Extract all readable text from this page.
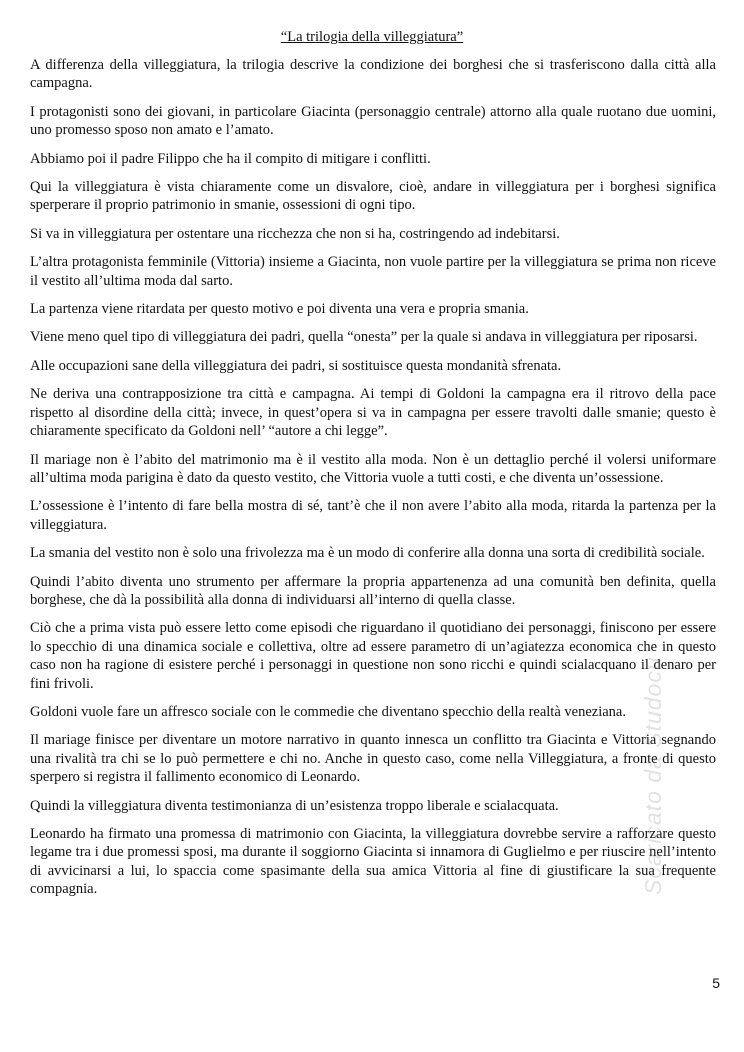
“La trilogia della villeggiatura”

A differenza della villeggiatura, la trilogia descrive la condizione dei borghesi che si trasferiscono dalla città alla campagna.

I protagonisti sono dei giovani, in particolare Giacinta (personaggio centrale) attorno alla quale ruotano due uomini, uno promesso sposo non amato e l’amato.

Abbiamo poi il padre Filippo che ha il compito di mitigare i conflitti.

Qui la villeggiatura è vista chiaramente come un disvalore, cioè, andare in villeggiatura per i borghesi significa sperperare il proprio patrimonio in smanie, ossessioni di ogni tipo.

Si va in villeggiatura per ostentare una ricchezza che non si ha, costringendo ad indebitarsi.

L’altra protagonista femminile (Vittoria) insieme a Giacinta, non vuole partire per la villeggiatura se prima non riceve il vestito all’ultima moda dal sarto.

La partenza viene ritardata per questo motivo e poi diventa una vera e propria smania.

Viene meno quel tipo di villeggiatura dei padri, quella “onesta” per la quale si andava in villeggiatura per riposarsi.

Alle occupazioni sane della villeggiatura dei padri, si sostituisce questa mondanità sfrenata.

Ne deriva una contrapposizione tra città e campagna. Ai tempi di Goldoni la campagna era il ritrovo della pace rispetto al disordine della città; invece, in quest’opera si va in campagna per essere travolti dalle smanie; questo è chiaramente specificato da Goldoni nell’ “autore a chi legge”.

Il mariage non è l’abito del matrimonio ma è il vestito alla moda. Non è un dettaglio perché il volersi uniformare all’ultima moda parigina è dato da questo vestito, che Vittoria vuole a tutti costi, e che diventa un’ossessione.

L’ossessione è l’intento di fare bella mostra di sé, tant’è che il non avere l’abito alla moda, ritarda la partenza per la villeggiatura.

La smania del vestito non è solo una frivolezza ma è un modo di conferire alla donna una sorta di credibilità sociale.

Quindi l’abito diventa uno strumento per affermare la propria appartenenza ad una comunità ben definita, quella borghese, che dà la possibilità alla donna di individuarsi all’interno di quella classe.

Ciò che a prima vista può essere letto come episodi che riguardano il quotidiano dei personaggi, finiscono per essere lo specchio di una dinamica sociale e collettiva, oltre ad essere parametro di un’agiatezza economica che in questo caso non ha ragione di esistere perché i personaggi in questione non sono ricchi e quindi scialacquano il denaro per fini frivoli.

Goldoni vuole fare un affresco sociale con le commedie che diventano specchio della realtà veneziana.

Il mariage finisce per diventare un motore narrativo in quanto innesca un conflitto tra Giacinta e Vittoria segnando una rivalità tra chi se lo può permettere e chi no. Anche in questo caso, come nella Villeggiatura, a fronte di questo sperpero si registra il fallimento economico di Leonardo.

Quindi la villeggiatura diventa testimonianza di un’esistenza troppo liberale e scialacquata.

Leonardo ha firmato una promessa di matrimonio con Giacinta, la villeggiatura dovrebbe servire a rafforzare questo legame tra i due promessi sposi, ma durante il soggiorno Giacinta si innamora di Guglielmo e per riuscire nell’intento di avvicinarsi a lui, lo spaccia come spasimante della sua amica Vittoria al fine di giustificare la sua frequente compagnia.	Scaricato da Studocu
5
